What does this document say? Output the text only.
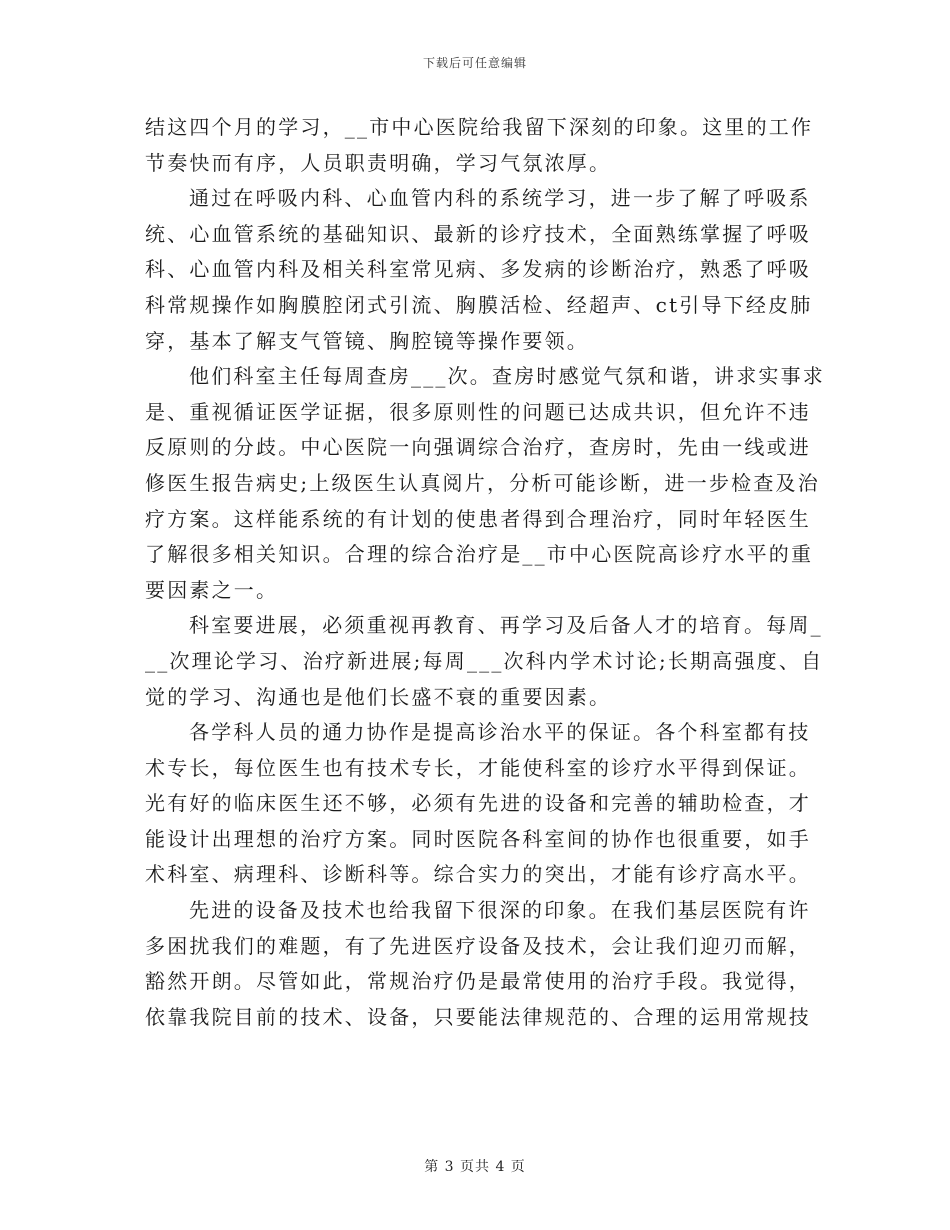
下载后可任意编辑
结这四个月的学习，__市中心医院给我留下深刻的印象。这里的工作
节奏快而有序，人员职责明确，学习气氛浓厚。
通过在呼吸内科、心血管内科的系统学习，进一步了解了呼吸系
统、心血管系统的基础知识、最新的诊疗技术，全面熟练掌握了呼吸
科、心血管内科及相关科室常见病、多发病的诊断治疗，熟悉了呼吸
科常规操作如胸膜腔闭式引流、胸膜活检、经超声、ct引导下经皮肺
穿，基本了解支气管镜、胸腔镜等操作要领。
他们科室主任每周查房___次。查房时感觉气氛和谐，讲求实事求
是、重视循证医学证据，很多原则性的问题已达成共识，但允许不违
反原则的分歧。中心医院一向强调综合治疗，查房时，先由一线或进
修医生报告病史;上级医生认真阅片，分析可能诊断，进一步检查及治
疗方案。这样能系统的有计划的使患者得到合理治疗，同时年轻医生
了解很多相关知识。合理的综合治疗是__市中心医院高诊疗水平的重
要因素之一。
科室要进展，必须重视再教育、再学习及后备人才的培育。每周_
__次理论学习、治疗新进展;每周___次科内学术讨论;长期高强度、自
觉的学习、沟通也是他们长盛不衰的重要因素。
各学科人员的通力协作是提高诊治水平的保证。各个科室都有技
术专长，每位医生也有技术专长，才能使科室的诊疗水平得到保证。
光有好的临床医生还不够，必须有先进的设备和完善的辅助检查，才
能设计出理想的治疗方案。同时医院各科室间的协作也很重要，如手
术科室、病理科、诊断科等。综合实力的突出，才能有诊疗高水平。
先进的设备及技术也给我留下很深的印象。在我们基层医院有许
多困扰我们的难题，有了先进医疗设备及技术，会让我们迎刃而解，
豁然开朗。尽管如此，常规治疗仍是最常使用的治疗手段。我觉得，
依靠我院目前的技术、设备，只要能法律规范的、合理的运用常规技
第 3 页共 4 页
